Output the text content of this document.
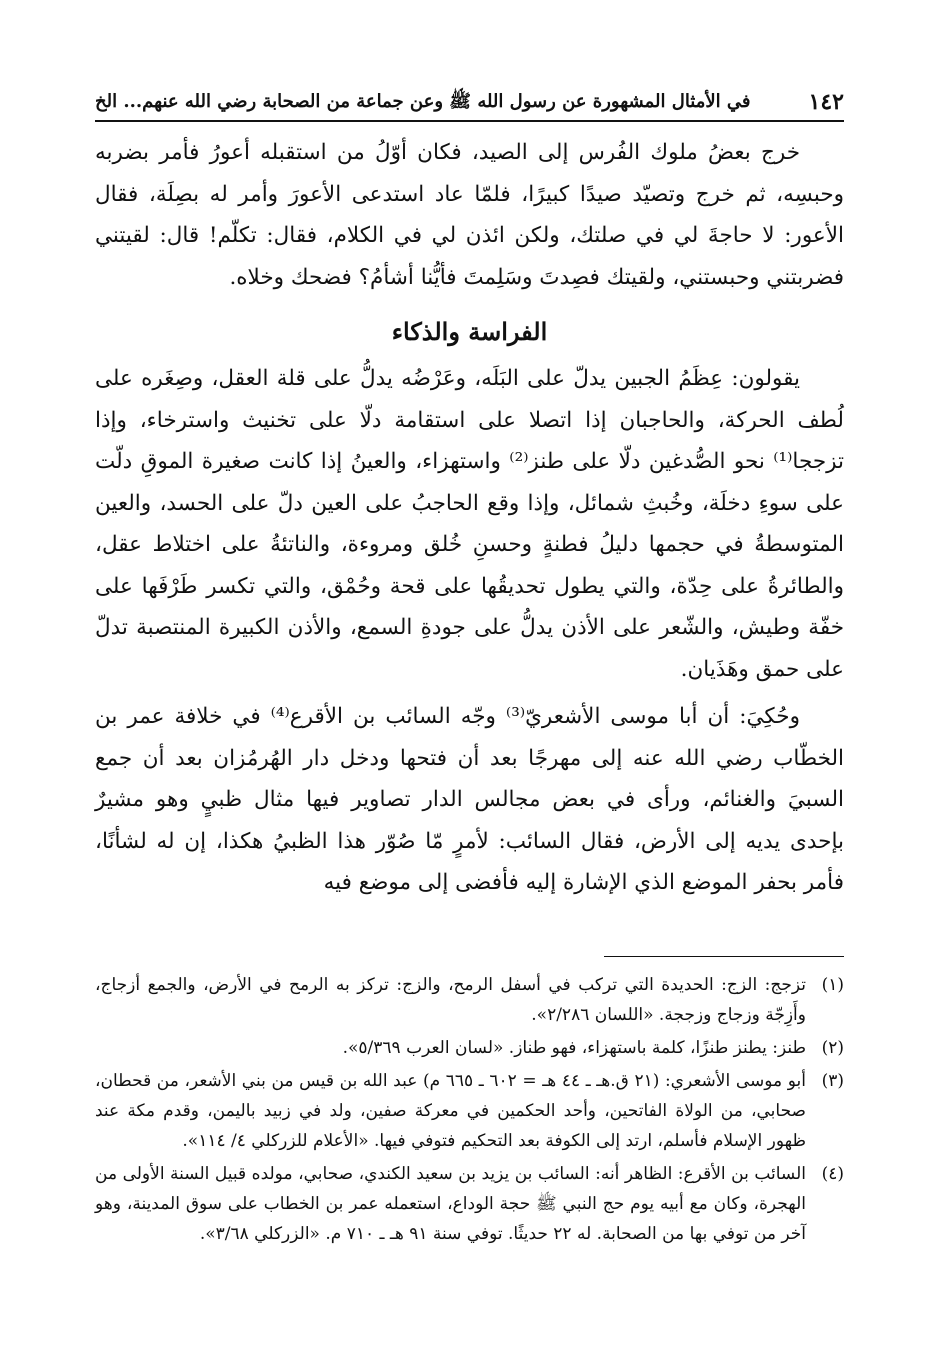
١٤٢
في الأمثال المشهورة عن رسول الله ﷺ وعن جماعة من الصحابة رضي الله عنهم... الخ

خرج بعضُ ملوك الفُرس إلى الصيد، فكان أوّلُ من استقبله أعورُ فأمر بضربه وحبسِه، ثم خرج وتصيّد صيدًا كبيرًا، فلمّا عاد استدعى الأعورَ وأمر له بصِلَة، فقال الأعور: لا حاجةَ لي في صلتك، ولكن ائذن لي في الكلام، فقال: تكلّم! قال: لقيتني فضربتني وحبستني، ولقيتك فصِدتَ وسَلِمتَ فأيُّنا أشأمُ؟ فضحك وخلاه.

الفراسة والذكاء

يقولون: عِظَمُ الجبين يدلّ على البَلَه، وعَرْضُه يدلُّ على قلة العقل، وصِغَره على لُطف الحركة، والحاجبان إذا اتصلا على استقامة دلّا على تخنيث واسترخاء، وإذا تزججا⁽¹⁾ نحو الصُّدغين دلّا على طنز⁽²⁾ واستهزاء، والعينُ إذا كانت صغيرة الموقِ دلّت على سوءِ دخلَة، وخُبثِ شمائل، وإذا وقع الحاجبُ على العين دلّ على الحسد، والعين المتوسطةُ في حجمها دليلُ فطنةٍ وحسنِ خُلق ومروءة، والناتئةُ على اختلاط عقل، والطائرةُ على حِدّة، والتي يطول تحديقُها على قحة وحُمْق، والتي تكسر طَرْفَها على خفّة وطيش، والشّعر على الأذن يدلُّ على جودةِ السمع، والأذن الكبيرة المنتصبة تدلّ على حمق وهَذَيان.

وحُكِيَ: أن أبا موسى الأشعريّ⁽³⁾ وجّه السائب بن الأقرع⁽⁴⁾ في خلافة عمر بن الخطّاب رضي الله عنه إلى مهرجًا بعد أن فتحها ودخل دار الهُرمُزان بعد أن جمع السبيَ والغنائم، ورأى في بعض مجالس الدار تصاوير فيها مثال ظبيٍ وهو مشيرٌ بإحدى يديه إلى الأرض، فقال السائب: لأمرٍ مّا صُوّر هذا الظبيُ هكذا، إن له لشأنًا، فأمر بحفر الموضع الذي الإشارة إليه فأفضى إلى موضع فيه

(١)
تزجج: الزج: الحديدة التي تركب في أسفل الرمح، والزج: تركز به الرمح في الأرض، والجمع أزجاج، وأَزِجّة وزجاج وزججة. «اللسان ٢/٢٨٦».
(٢)
طنز: يطنز طنزًا، كلمة باستهزاء، فهو طناز. «لسان العرب ٥/٣٦٩».
(٣)
أبو موسى الأشعري: (٢١ ق.هـ ـ ٤٤ هـ = ٦٠٢ ـ ٦٦٥ م) عبد الله بن قيس من بني الأشعر، من قحطان، صحابي، من الولاة الفاتحين، وأحد الحكمين في معركة صفين، ولد في زبيد باليمن، وقدم مكة عند ظهور الإسلام فأسلم، ارتد إلى الكوفة بعد التحكيم فتوفي فيها. «الأعلام للزركلي ٤/ ١١٤».
(٤)
السائب بن الأقرع: الظاهر أنه: السائب بن يزيد بن سعيد الكندي، صحابي، مولده قبيل السنة الأولى من الهجرة، وكان مع أبيه يوم حج النبي ﷺ حجة الوداع، استعمله عمر بن الخطاب على سوق المدينة، وهو آخر من توفي بها من الصحابة. له ٢٢ حديثًا. توفي سنة ٩١ هـ ـ ٧١٠ م. «الزركلي ٣/٦٨».
